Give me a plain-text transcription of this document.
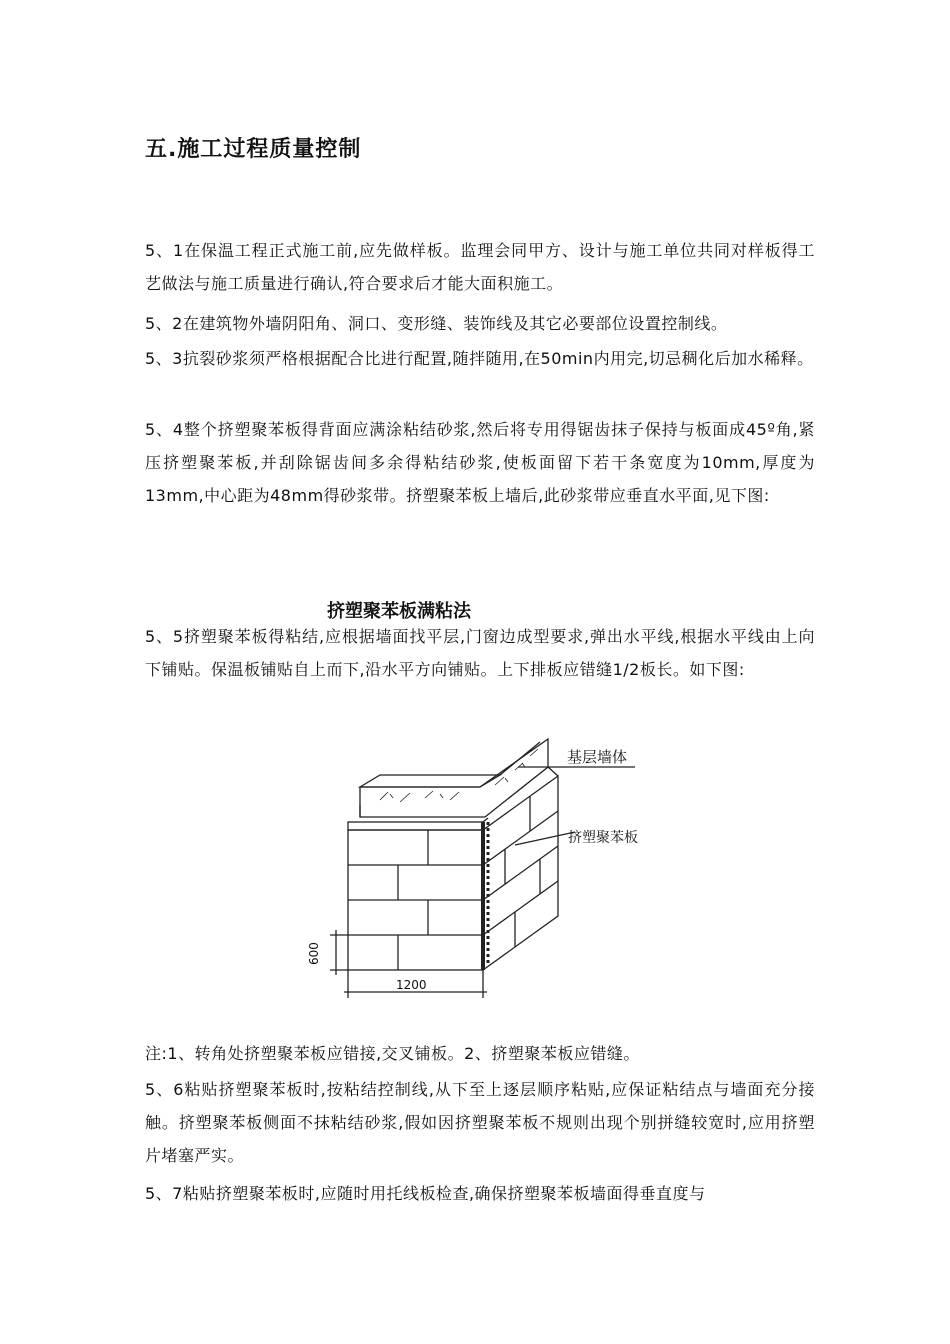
五.施工过程质量控制

5、1在保温工程正式施工前,应先做样板。监理会同甲方、设计与施工单位共同对样板得工艺做法与施工质量进行确认,符合要求后才能大面积施工。

5、2在建筑物外墙阴阳角、洞口、变形缝、装饰线及其它必要部位设置控制线。

5、3抗裂砂浆须严格根据配合比进行配置,随拌随用,在50min内用完,切忌稠化后加水稀释。

5、4整个挤塑聚苯板得背面应满涂粘结砂浆,然后将专用得锯齿抹子保持与板面成45º角,紧压挤塑聚苯板,并刮除锯齿间多余得粘结砂浆,使板面留下若干条宽度为10mm,厚度为13mm,中心距为48mm得砂浆带。挤塑聚苯板上墙后,此砂浆带应垂直水平面,见下图:

挤塑聚苯板满粘法

5、5挤塑聚苯板得粘结,应根据墙面找平层,门窗边成型要求,弹出水平线,根据水平线由上向下铺贴。保温板铺贴自上而下,沿水平方向铺贴。上下排板应错缝1/2板长。如下图:

基层墙体
挤塑聚苯板
600
1200

注:1、转角处挤塑聚苯板应错接,交叉铺板。2、挤塑聚苯板应错缝。

5、6粘贴挤塑聚苯板时,按粘结控制线,从下至上逐层顺序粘贴,应保证粘结点与墙面充分接触。挤塑聚苯板侧面不抹粘结砂浆,假如因挤塑聚苯板不规则出现个别拼缝较宽时,应用挤塑片堵塞严实。

5、7粘贴挤塑聚苯板时,应随时用托线板检查,确保挤塑聚苯板墙面得垂直度与
